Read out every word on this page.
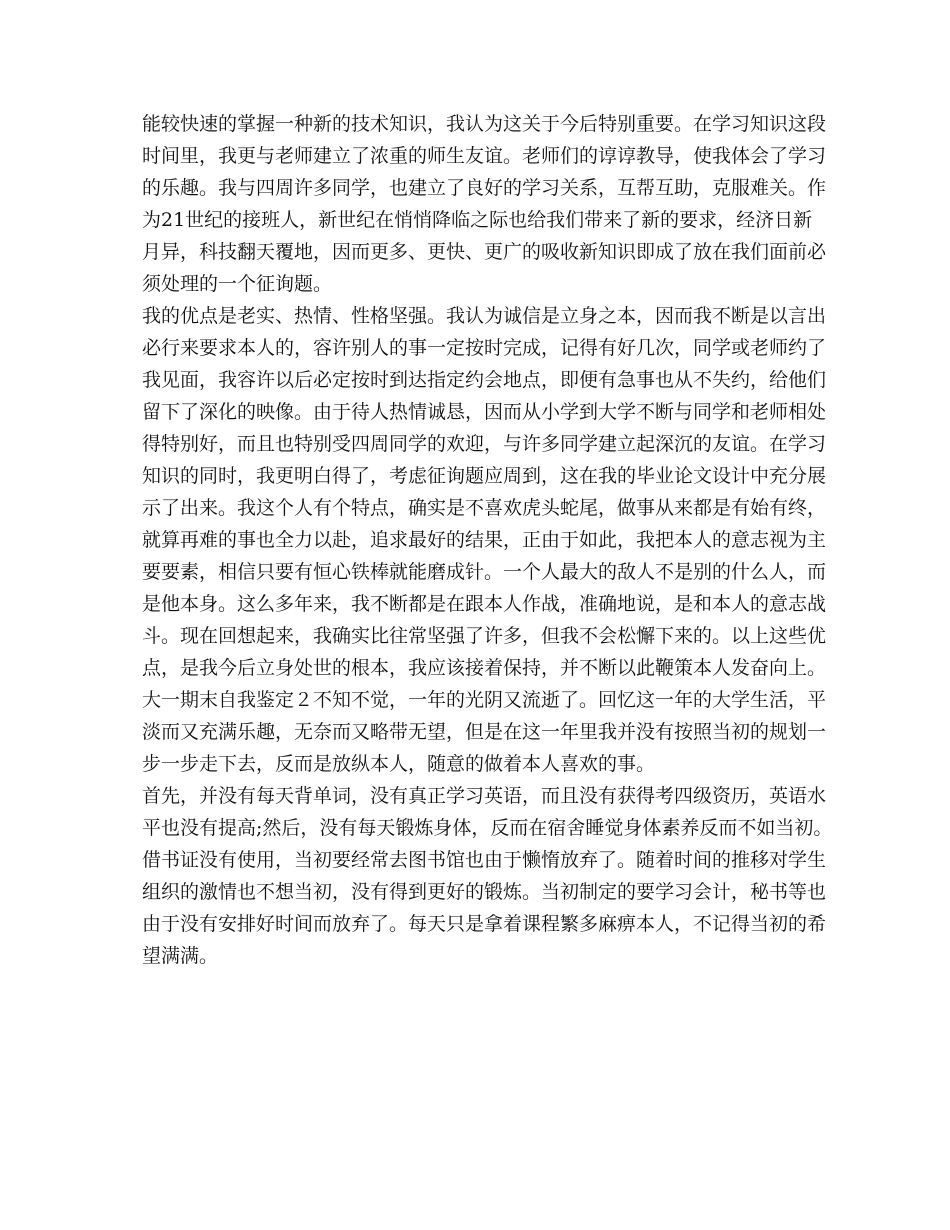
能较快速的掌握一种新的技术知识，我认为这关于今后特别重要。在学习知识这段
时间里，我更与老师建立了浓重的师生友谊。老师们的谆谆教导，使我体会了学习
的乐趣。我与四周许多同学，也建立了良好的学习关系，互帮互助，克服难关。作
为21世纪的接班人，新世纪在悄悄降临之际也给我们带来了新的要求，经济日新
月异，科技翻天覆地，因而更多、更快、更广的吸收新知识即成了放在我们面前必
须处理的一个征询题。

我的优点是老实、热情、性格坚强。我认为诚信是立身之本，因而我不断是以言出
必行来要求本人的，容许别人的事一定按时完成，记得有好几次，同学或老师约了
我见面，我容许以后必定按时到达指定约会地点，即便有急事也从不失约，给他们
留下了深化的映像。由于待人热情诚恳，因而从小学到大学不断与同学和老师相处
得特别好，而且也特别受四周同学的欢迎，与许多同学建立起深沉的友谊。在学习
知识的同时，我更明白得了，考虑征询题应周到，这在我的毕业论文设计中充分展
示了出来。我这个人有个特点，确实是不喜欢虎头蛇尾，做事从来都是有始有终，
就算再难的事也全力以赴，追求最好的结果，正由于如此，我把本人的意志视为主
要要素，相信只要有恒心铁棒就能磨成针。一个人最大的敌人不是别的什么人，而
是他本身。这么多年来，我不断都是在跟本人作战，准确地说，是和本人的意志战
斗。现在回想起来，我确实比往常坚强了许多，但我不会松懈下来的。以上这些优
点，是我今后立身处世的根本，我应该接着保持，并不断以此鞭策本人发奋向上。

大一期末自我鉴定２不知不觉，一年的光阴又流逝了。回忆这一年的大学生活，平
淡而又充满乐趣，无奈而又略带无望，但是在这一年里我并没有按照当初的规划一
步一步走下去，反而是放纵本人，随意的做着本人喜欢的事。

首先，并没有每天背单词，没有真正学习英语，而且没有获得考四级资历，英语水
平也没有提高;然后，没有每天锻炼身体，反而在宿舍睡觉身体素养反而不如当初。
借书证没有使用，当初要经常去图书馆也由于懒惰放弃了。随着时间的推移对学生
组织的激情也不想当初，没有得到更好的锻炼。当初制定的要学习会计，秘书等也
由于没有安排好时间而放弃了。每天只是拿着课程繁多麻痹本人，不记得当初的希
望满满。
